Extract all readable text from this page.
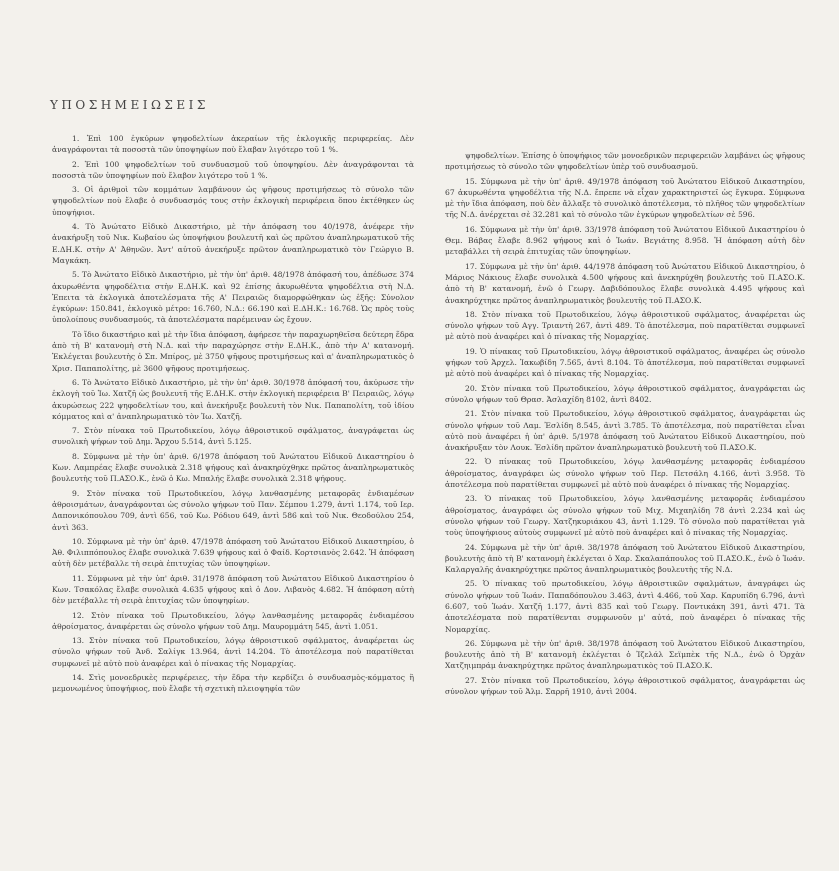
ΥΠΟΣΗΜΕΙΩΣΕΙΣ

1. Ἐπὶ 100 ἐγκύρων ψηφοδελτίων ἀκεραίων τῆς ἐκλογικῆς περιφερείας. Δὲν ἀναγράφονται τὰ ποσοστὰ τῶν ὑποψηφίων ποὺ ἔλαβαν λιγότερο τοῦ 1 %.

2. Ἐπὶ 100 ψηφοδελτίων τοῦ συνδυασμοῦ τοῦ ὑποψηφίου. Δὲν ἀναγράφονται τὰ ποσοστὰ τῶν ὑποψηφίων ποὺ ἔλαβον λιγότερο τοῦ 1 %.

3. Οἱ ἀριθμοὶ τῶν κομμάτων λαμβάνουν ὡς ψῆφους προτιμήσεως τὸ σύνολο τῶν ψηφοδελτίων ποὺ ἔλαβε ὁ συνδυασμός τους στὴν ἐκλογικὴ περιφέρεια ὅπου ἐκτέθηκεν ὡς ὑποψήφιοι.

4. Τὸ Ἀνώτατο Εἰδικὸ Δικαστήριο, μὲ τὴν ἀπόφαση του 40/1978, ἀνέφερε τὴν ἀνακήρυξη τοῦ Νικ. Κωβαίου ὡς ὑποψήφιου βουλευτῆ καὶ ὡς πρῶτου ἀναπληρωματικοῦ τῆς Ε.ΔΗ.Κ. στὴν Α' Ἀθηνῶν. Ἀντ' αὐτοῦ ἀνεκήρυξε πρῶτον ἀναπληρωματικὸ τὸν Γεώργιο Β. Μαγκάκη.

5. Τὸ Ἀνώτατο Εἰδικὸ Δικαστήριο, μὲ τὴν ὑπ' ἀριθ. 48/1978 ἀπόφασή του, ἀπέδωσε 374 ἀκυρωθέντα ψηφοδέλτια στὴν Ε.ΔΗ.Κ. καὶ 92 ἐπίσης ἀκυρωθέντα ψηφοδέλτια στὴ Ν.Δ. Ἐπειτα τὰ ἐκλογικὰ ἀποτελέσματα τῆς Α' Πειραιῶς διαμορφώθηκαν ὡς ἑξῆς: Σύνολον ἐγκύρων: 150.841, ἐκλογικὸ μέτρο: 16.760, Ν.Δ.: 66.190 καὶ Ε.ΔΗ.Κ.: 16.768. Ὡς πρὸς τοὺς ὑπολοίπους συνδυασμούς, τὰ ἀποτελέσματα παρέμειναν ὡς ἔχουν.

Τὸ ἴδιο δικαστήριο καὶ μὲ τὴν ἴδια ἀπόφαση, ἀφήρεσε τὴν παραχωρηθεῖσα δεύτερη ἕδρα ἀπὸ τὴ Β' κατανομὴ στὴ Ν.Δ. καὶ τὴν παραχώρησε στὴν Ε.ΔΗ.Κ., ἀπὸ τὴν Α' κατανομή. Ἐκλέγεται βουλευτὴς ὁ Σπ. Μπίρος, μὲ 3750 ψῆφους προτιμήσεως καὶ α' ἀναπληρωματικὸς ὁ Χρισ. Παπαπολίτης, μὲ 3600 ψῆφους προτιμήσεως.

6. Τὸ Ἀνώτατο Εἰδικὸ Δικαστήριο, μὲ τὴν ὑπ' ἀριθ. 30/1978 ἀπόφασή του, ἀκύρωσε τὴν ἐκλογὴ τοῦ Ἰω. Χατζῆ ὡς βουλευτῆ τῆς Ε.ΔΗ.Κ. στὴν ἐκλογικὴ περιφέρεια Β' Πειραιῶς, λόγῳ ἀκυρώσεως 222 ψηφοδελτίων του, καὶ ἀνεκήρυξε βουλευτὴ τὸν Νικ. Παπαπολίτη, τοῦ ἰδίου κόμματος καὶ α' ἀναπληρωματικὸ τὸν Ἰω. Χατζῆ.

7. Στὸν πίνακα τοῦ Πρωτοδικείου, λόγῳ ἀθροιστικοῦ σφάλματος, ἀναγράφεται ὡς συνολικὴ ψήφων τοῦ Δημ. Ἄρχου 5.514, ἀντὶ 5.125.

8. Σύμφωνα μὲ τὴν ὑπ' ἀριθ. 6/1978 ἀπόφαση τοῦ Ἀνώτατου Εἰδικοῦ Δικαστηρίου ὁ Κων. Λαμπρέας ἔλαβε συνολικὰ 2.318 ψήφους καὶ ἀνακηρύχθηκε πρῶτος ἀναπληρωματικὸς βουλευτὴς τοῦ Π.ΑΣΟ.Κ., ἐνῶ ὁ Κω. Μπαλής ἔλαβε συνολικὰ 2.318 ψήφους.

9. Στὸν πίνακα τοῦ Πρωτοδικείου, λόγῳ λανθασμένης μεταφορᾶς ἐνδιαμέσων ἀθροισμάτων, ἀναγράφονται ὡς σύνολο ψήφων τοῦ Παν. Σέμπου 1.279, ἀντὶ 1.174, τοῦ Ιερ. Δαπονικόπουλου 709, ἀντὶ 656, τοῦ Κω. Ρόδιου 649, ἀντὶ 586 καὶ τοῦ Νικ. Θεοδούλου 254, ἀντὶ 363.

10. Σύμφωνα μὲ τὴν ὑπ' ἀριθ. 47/1978 ἀπόφαση τοῦ Ἀνώτατου Εἰδικοῦ Δικαστηρίου, ὁ Ἀθ. Φιλιππόπουλος ἔλαβε συνολικὰ 7.639 ψήφους καὶ ὁ Φαίδ. Κορτσιανὸς 2.642. Ἡ ἀπόφαση αὐτὴ δὲν μετέβαλλε τὴ σειρὰ ἐπιτυχίας τῶν ὑποψηφίων.

11. Σύμφωνα μὲ τὴν ὑπ' ἀριθ. 31/1978 ἀπόφαση τοῦ Ἀνώτατου Εἰδικοῦ Δικαστηρίου ὁ Κων. Τσακόλας ἔλαβε συνολικὰ 4.635 ψήφους καὶ ὁ Δον. Λιβανὸς 4.682. Ἡ ἀπόφαση αὐτὴ δὲν μετέβαλλε τὴ σειρὰ ἐπιτυχίας τῶν ὑποψηφίων.

12. Στὸν πίνακα τοῦ Πρωτοδικείου, λόγῳ λανθασμένης μεταφορᾶς ἐνδιαμέσου ἀθροίσματος, ἀναφέρεται ὡς σύνολο ψήφων τοῦ Δημ. Μαυρομμάτη 545, ἀντὶ 1.051.

13. Στὸν πίνακα τοῦ Πρωτοδικείου, λόγῳ ἀθροιστικοῦ σφάλματος, ἀναφέρεται ὡς σύνολο ψήφων τοῦ Ἀνδ. Σαλίγκ 13.964, ἀντὶ 14.204. Τὸ ἀποτέλεσμα ποὺ παρατίθεται συμφωνεῖ μὲ αὐτὸ ποὺ ἀναφέρει καὶ ὁ πίνακας τῆς Νομαρχίας.

14. Στὶς μονοεδρικὲς περιφέρειες, τὴν ἕδρα τὴν κερδίζει ὁ συνδυασμὸς-κόμματος ἢ μεμονωμένος ὑποψήφιος, ποὺ ἔλαβε τὴ σχετικὴ πλειοψηφία τῶν

ψηφοδελτίων. Ἐπίσης ὁ ὑποψήφιος τῶν μονοεδρικῶν περιφερειῶν λαμβάνει ὡς ψῆφους προτιμήσεως τὸ σύνολο τῶν ψηφοδελτίων ὑπὲρ τοῦ συνδυασμοῦ.

15. Σύμφωνα μὲ τὴν ὑπ' ἀριθ. 49/1978 ἀπόφαση τοῦ Ἀνώτατου Εἰδικοῦ Δικαστηρίου, 67 ἀκυρωθέντα ψηφοδέλτια τῆς Ν.Δ. ἔπρεπε νὰ εἶχαν χαρακτηριστεῖ ὡς ἔγκυρα. Σύμφωνα μὲ τὴν ἴδια ἀπόφαση, ποὺ δὲν ἄλλαξε τὸ συνολικὸ ἀποτέλεσμα, τὸ πλῆθος τῶν ψηφοδελτίων τῆς Ν.Δ. ἀνέρχεται σὲ 32.281 καὶ τὸ σύνολο τῶν ἐγκύρων ψηφοδελτίων σὲ 596.

16. Σύμφωνα μὲ τὴν ὑπ' ἀριθ. 33/1978 ἀπόφαση τοῦ Ἀνώτατου Εἰδικοῦ Δικαστηρίου ὁ Θεμ. Βάβας ἔλαβε 8.962 ψήφους καὶ ὁ Ἰωάν. Βεγιάτης 8.958. Ἡ ἀπόφαση αὐτὴ δὲν μεταβάλλει τὴ σειρὰ ἐπιτυχίας τῶν ὑποψηφίων.

17. Σύμφωνα μὲ τὴν ὑπ' ἀριθ. 44/1978 ἀπόφαση τοῦ Ἀνώτατου Εἰδικοῦ Δικαστηρίου, ὁ Μάριος Νάκιους ἔλαβε συνολικὰ 4.500 ψήφους καὶ ἀνεκηρύχθη βουλευτὴς τοῦ Π.ΑΣΟ.Κ. ἀπὸ τὴ Β' κατανομή, ἐνῶ ὁ Γεωργ. Δαβιδόπουλος ἔλαβε συνολικὰ 4.495 ψήφους καὶ ἀνακηρύχτηκε πρῶτος ἀναπληρωματικὸς βουλευτὴς τοῦ Π.ΑΣΟ.Κ.

18. Στὸν πίνακα τοῦ Πρωτοδικείου, λόγῳ ἀθροιστικοῦ σφάλματος, ἀναφέρεται ὡς σύνολο ψήφων τοῦ Αγγ. Τριαντὴ 267, ἀντὶ 489. Τὸ ἀποτέλεσμα, ποὺ παρατίθεται συμφωνεῖ μὲ αὐτὸ ποὺ ἀναφέρει καὶ ὁ πίνακας τῆς Νομαρχίας.

19. Ὁ πίνακας τοῦ Πρωτοδικείου, λόγῳ ἀθροιστικοῦ σφάλματος, ἀναφέρει ὡς σύνολο ψήφων τοῦ Ἀρχελ. Ἰακωβίδη 7.565, ἀντὶ 8.104. Τὸ ἀποτέλεσμα, ποὺ παρατίθεται συμφωνεῖ μὲ αὐτὸ ποὺ ἀναφέρει καὶ ὁ πίνακας τῆς Νομαρχίας.

20. Στὸν πίνακα τοῦ Πρωτοδικείου, λόγῳ ἀθροιστικοῦ σφάλματος, ἀναγράφεται ὡς σύνολο ψήφων τοῦ Θρασ. Ἀσλαχίδη 8102, ἀντὶ 8402.

21. Στὸν πίνακα τοῦ Πρωτοδικείου, λόγῳ ἀθροιστικοῦ σφάλματος, ἀναγράφεται ὡς σύνολο ψήφων τοῦ Λαμ. Ἐσλίδη 8.545, ἀντὶ 3.785. Τὸ ἀποτέλεσμα, ποὺ παρατίθεται εἶναι αὐτὸ ποὺ ἀναφέρει ἡ ὑπ' ἀριθ. 5/1978 ἀπόφαση τοῦ Ἀνώτατου Εἰδικοῦ Δικαστηρίου, ποὺ ἀνακήρυξαν τὸν Λουκ. Ἐσλίδη πρῶτον ἀναπληρωματικὸ βουλευτὴ τοῦ Π.ΑΣΟ.Κ.

22. Ὁ πίνακας τοῦ Πρωτοδικείου, λόγῳ λανθασμένης μεταφορᾶς ἐνδιαμέσου ἀθροίσματος, ἀναγράφει ὡς σύνολο ψήφων τοῦ Περ. Πετσάλη 4.166, ἀντὶ 3.958. Τὸ ἀποτέλεσμα ποὺ παρατίθεται συμφωνεῖ μὲ αὐτὸ ποὺ ἀναφέρει ὁ πίνακας τῆς Νομαρχίας.

23. Ὁ πίνακας τοῦ Πρωτοδικείου, λόγῳ λανθασμένης μεταφορᾶς ἐνδιαμέσου ἀθροίσματος, ἀναγράφει ὡς σύνολο ψήφων τοῦ Μιχ. Μιχαηλίδη 78 ἀντὶ 2.234 καὶ ὡς σύνολο ψήφων τοῦ Γεωργ. Χατζηκυριάκου 43, ἀντὶ 1.129. Τὸ σύνολο ποὺ παρατίθεται γιὰ τοὺς ὑποψήφιους αὐτοὺς συμφωνεῖ μὲ αὐτὸ ποὺ ἀναφέρει καὶ ὁ πίνακας τῆς Νομαρχίας.

24. Σύμφωνα μὲ τὴν ὑπ' ἀριθ. 38/1978 ἀπόφαση τοῦ Ἀνώτατου Εἰδικοῦ Δικαστηρίου, βουλευτὴς ἀπὸ τὴ Β' κατανομὴ ἐκλέγεται ὁ Χαρ. Σκαλαπάπουλος τοῦ Π.ΑΣΟ.Κ., ἐνῶ ὁ Ἰωάν. Καλαργαλῆς ἀνακηρύχτηκε πρῶτος ἀναπληρωματικὸς βουλευτὴς τῆς Ν.Δ.

25. Ὁ πίνακας τοῦ πρωτοδικείου, λόγῳ ἀθροιστικῶν σφαλμάτων, ἀναγράφει ὡς σύνολο ψήφων τοῦ Ἰωάν. Παπαδόπουλου 3.463, ἀντὶ 4.466, τοῦ Χαρ. Καρυπίδη 6.796, ἀντὶ 6.607, τοῦ Ἰωάν. Χατζῆ 1.177, ἀντὶ 835 καὶ τοῦ Γεωργ. Ποντικάκη 391, ἀντὶ 471. Τὰ ἀποτελέσματα ποὺ παρατίθενται συμφωνοῦν μ' αὐτά, ποὺ ἀναφέρει ὁ πίνακας τῆς Νομαρχίας.

26. Σύμφωνα μὲ τὴν ὑπ' ἀριθ. 38/1978 ἀπόφαση τοῦ Ἀνώτατου Εἰδικοῦ Δικαστηρίου, βουλευτὴς ἀπὸ τὴ Β' κατανομὴ ἐκλέγεται ὁ Ἰζελάλ Σεϊμπὲκ τῆς Ν.Δ., ἐνῶ ὁ Ὀρχὰν Χατζηιμπράμ ἀνακηρύχτηκε πρῶτος ἀναπληρωματικὸς τοῦ Π.ΑΣΟ.Κ.

27. Στὸν πίνακα τοῦ Πρωτοδικείου, λόγῳ ἀθροιστικοῦ σφάλματος, ἀναγράφεται ὡς σύνολον ψήφων τοῦ Ἀλμ. Σαρρῆ 1910, ἀντὶ 2004.
